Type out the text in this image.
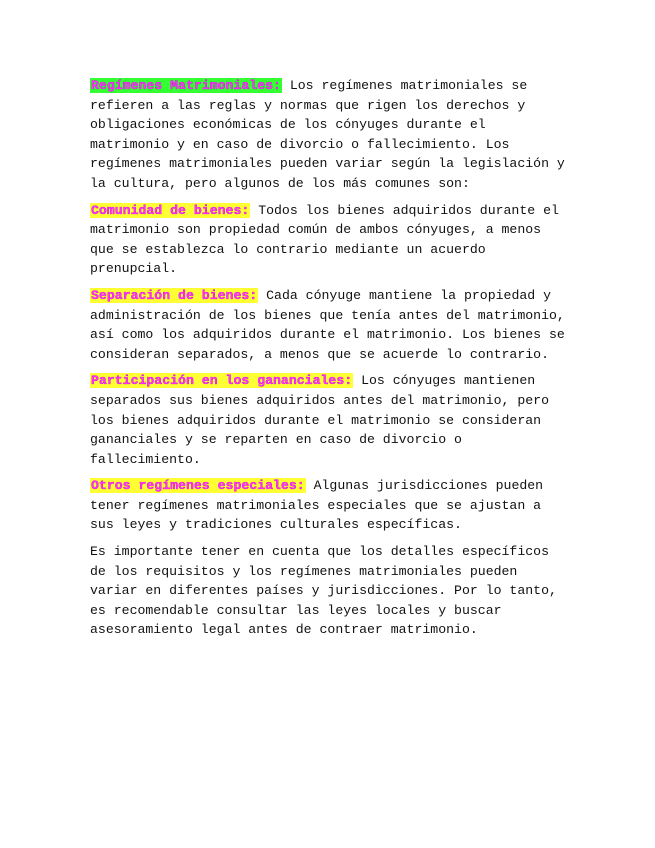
Regímenes Matrimoniales: Los regímenes matrimoniales se refieren a las reglas y normas que rigen los derechos y obligaciones económicas de los cónyuges durante el matrimonio y en caso de divorcio o fallecimiento. Los regímenes matrimoniales pueden variar según la legislación y la cultura, pero algunos de los más comunes son:

Comunidad de bienes: Todos los bienes adquiridos durante el matrimonio son propiedad común de ambos cónyuges, a menos que se establezca lo contrario mediante un acuerdo prenupcial.

Separación de bienes: Cada cónyuge mantiene la propiedad y administración de los bienes que tenía antes del matrimonio, así como los adquiridos durante el matrimonio. Los bienes se consideran separados, a menos que se acuerde lo contrario.

Participación en los gananciales: Los cónyuges mantienen separados sus bienes adquiridos antes del matrimonio, pero los bienes adquiridos durante el matrimonio se consideran gananciales y se reparten en caso de divorcio o fallecimiento.

Otros regímenes especiales: Algunas jurisdicciones pueden tener regímenes matrimoniales especiales que se ajustan a sus leyes y tradiciones culturales específicas.

Es importante tener en cuenta que los detalles específicos de los requisitos y los regímenes matrimoniales pueden variar en diferentes países y jurisdicciones. Por lo tanto, es recomendable consultar las leyes locales y buscar asesoramiento legal antes de contraer matrimonio.
